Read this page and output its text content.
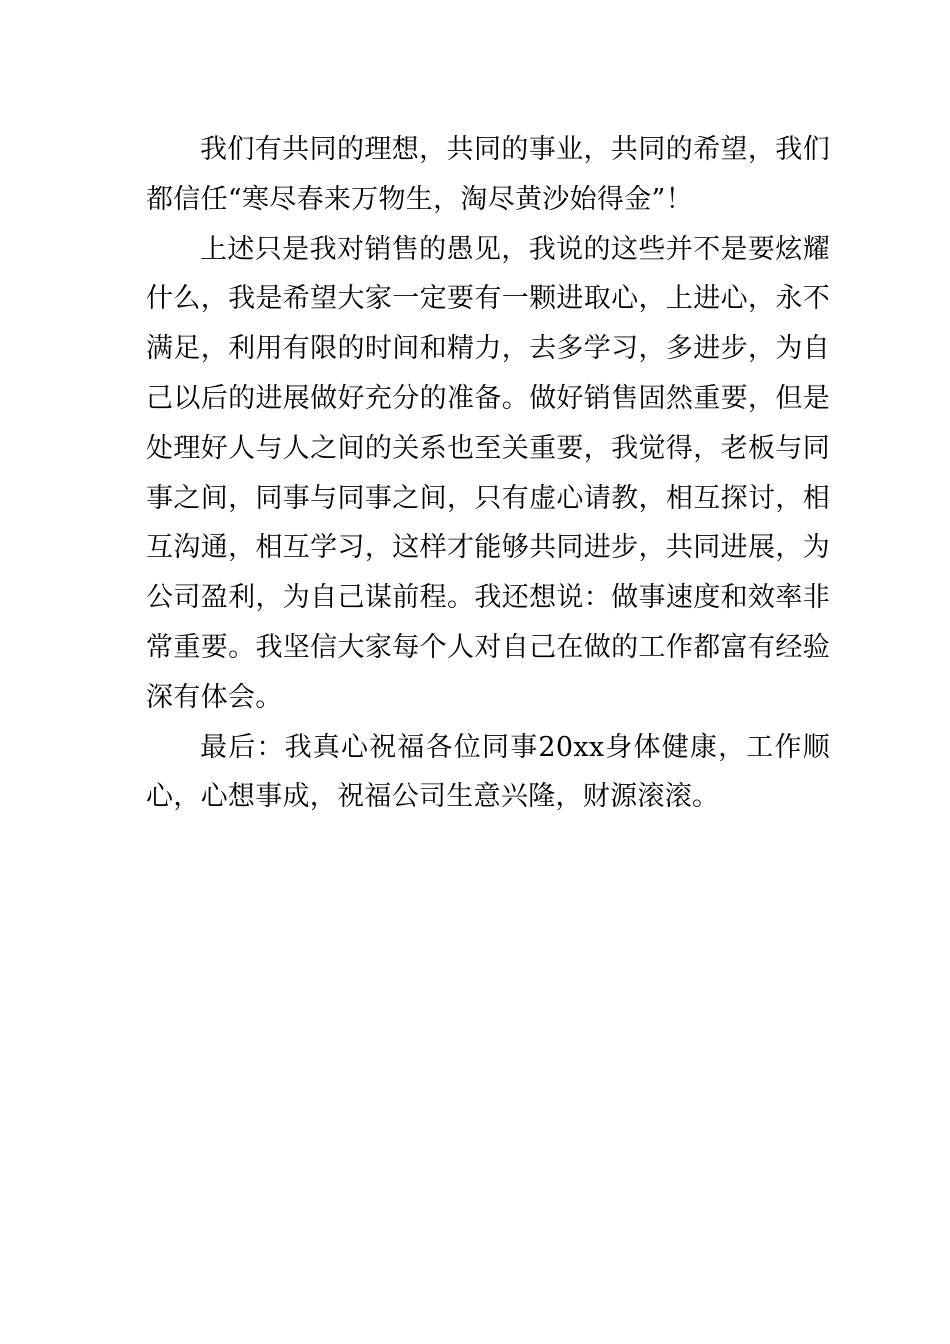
我们有共同的理想，共同的事业，共同的希望，我们都信任“寒尽春来万物生，淘尽黄沙始得金”！

上述只是我对销售的愚见，我说的这些并不是要炫耀什么，我是希望大家一定要有一颗进取心，上进心，永不满足，利用有限的时间和精力，去多学习，多进步，为自己以后的进展做好充分的准备。做好销售固然重要，但是处理好人与人之间的关系也至关重要，我觉得，老板与同事之间，同事与同事之间，只有虚心请教，相互探讨，相互沟通，相互学习，这样才能够共同进步，共同进展，为公司盈利，为自己谋前程。我还想说：做事速度和效率非常重要。我坚信大家每个人对自己在做的工作都富有经验深有体会。

最后：我真心祝福各位同事20xx身体健康，工作顺心，心想事成，祝福公司生意兴隆，财源滚滚。
